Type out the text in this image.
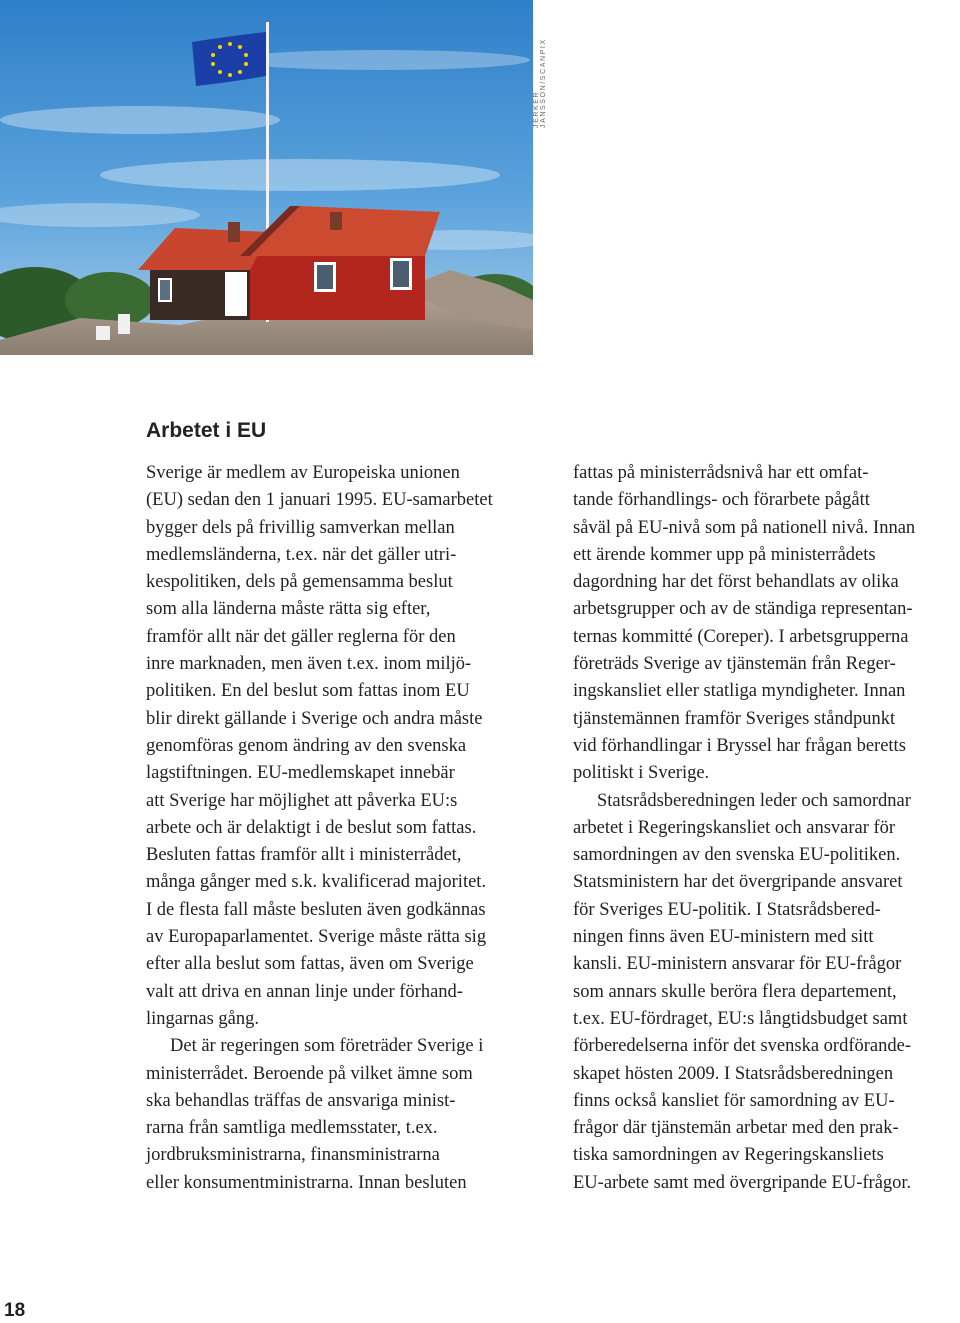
JERKER JANSSON/SCANPIX
Arbetet i EU

Sverige är medlem av Europeiska unionen

(EU) sedan den 1 januari 1995. EU-samarbetet

bygger dels på frivillig samverkan mellan

medlemsländerna, t.ex. när det gäller utri-

kespolitiken, dels på gemensamma beslut

som alla länderna måste rätta sig efter,

framför allt när det gäller reglerna för den

inre marknaden, men även t.ex. inom miljö-

politiken. En del beslut som fattas inom EU

blir direkt gällande i Sverige och andra måste

genomföras genom ändring av den svenska

lagstiftningen. EU-medlemskapet innebär

att Sverige har möjlighet att påverka EU:s

arbete och är delaktigt i de beslut som fattas.

Besluten fattas framför allt i ministerrådet,

många gånger med s.k. kvalificerad majoritet.

I de flesta fall måste besluten även godkännas

av Europaparlamentet. Sverige måste rätta sig

efter alla beslut som fattas, även om Sverige

valt att driva en annan linje under förhand-

lingarnas gång.

Det är regeringen som företräder Sverige i

ministerrådet. Beroende på vilket ämne som

ska behandlas träffas de ansvariga minist-

rarna från samtliga medlemsstater, t.ex.

jordbruksministrarna, finansministrarna

eller konsumentministrarna. Innan besluten

fattas på ministerrådsnivå har ett omfat-

tande förhandlings- och förarbete pågått

såväl på EU-nivå som på nationell nivå. Innan

ett ärende kommer upp på ministerrådets

dagordning har det först behandlats av olika

arbetsgrupper och av de ständiga representan-

ternas kommitté (Coreper). I arbetsgrupperna

företräds Sverige av tjänstemän från Reger-

ingskansliet eller statliga myndigheter. Innan

tjänstemännen framför Sveriges ståndpunkt

vid förhandlingar i Bryssel har frågan beretts

politiskt i Sverige.

Statsrådsberedningen leder och samordnar

arbetet i Regeringskansliet och ansvarar för

samordningen av den svenska EU-politiken.

Statsministern har det övergripande ansvaret

för Sveriges EU-politik. I Statsrådsbered-

ningen finns även EU-ministern med sitt

kansli. EU-ministern ansvarar för EU-frågor

som annars skulle beröra flera departement,

t.ex. EU-fördraget, EU:s långtidsbudget samt

förberedelserna inför det svenska ordförande-

skapet hösten 2009. I Statsrådsberedningen

finns också kansliet för samordning av EU-

frågor där tjänstemän arbetar med den prak-

tiska samordningen av Regeringskansliets

EU-arbete samt med övergripande EU-frågor.

18
